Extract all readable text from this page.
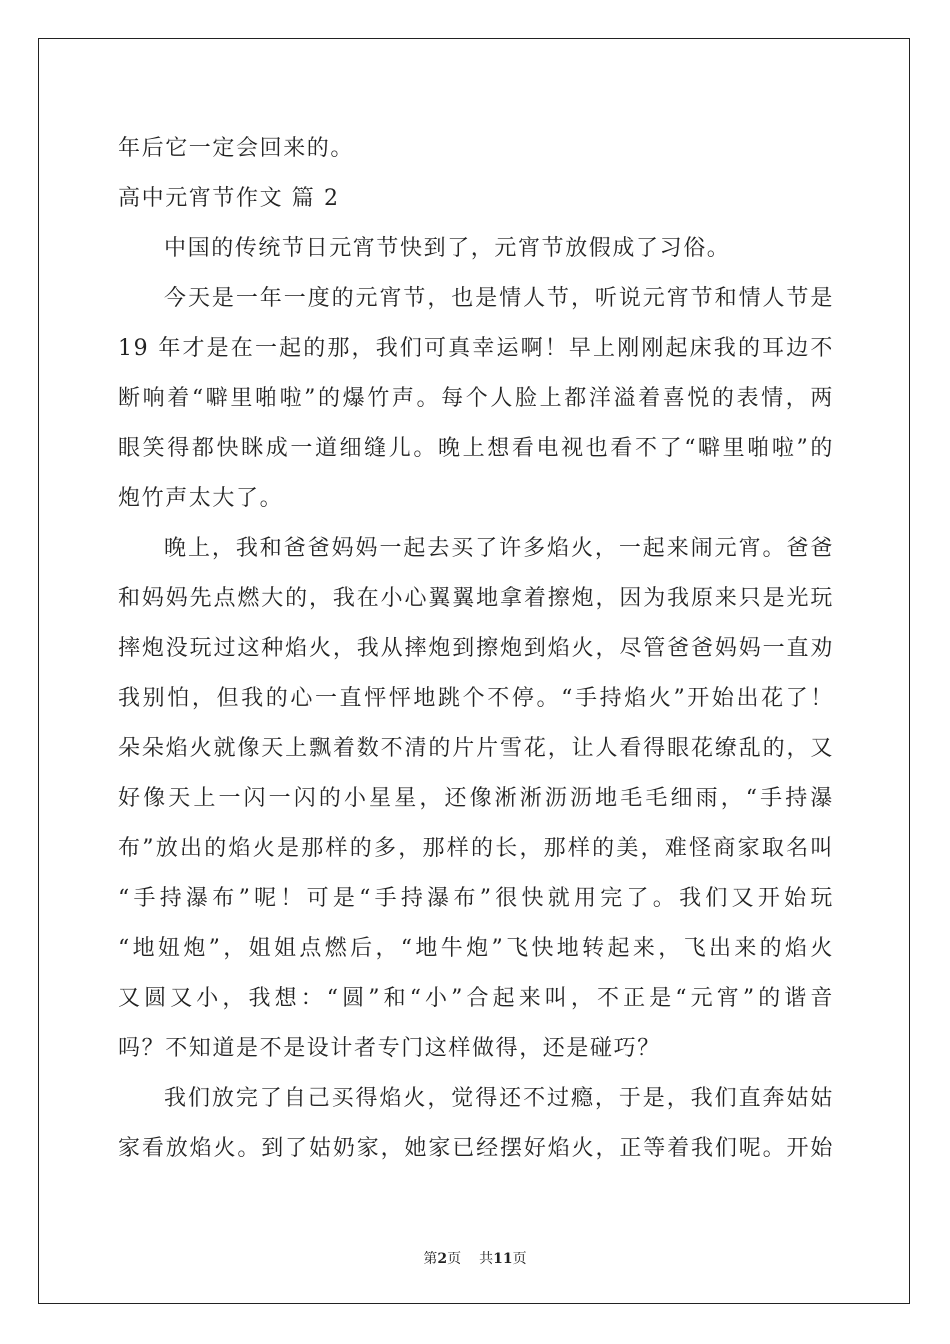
年后它一定会回来的。
高中元宵节作文 篇 2
中国的传统节日元宵节快到了，元宵节放假成了习俗。
今天是一年一度的元宵节，也是情人节，听说元宵节和情人节是
19 年才是在一起的那，我们可真幸运啊！早上刚刚起床我的耳边不
断响着“噼里啪啦”的爆竹声。每个人脸上都洋溢着喜悦的表情，两
眼笑得都快眯成一道细缝儿。晚上想看电视也看不了“噼里啪啦”的
炮竹声太大了。
晚上，我和爸爸妈妈一起去买了许多焰火，一起来闹元宵。爸爸
和妈妈先点燃大的，我在小心翼翼地拿着擦炮，因为我原来只是光玩
摔炮没玩过这种焰火，我从摔炮到擦炮到焰火，尽管爸爸妈妈一直劝
我别怕，但我的心一直怦怦地跳个不停。“手持焰火”开始出花了！
朵朵焰火就像天上飘着数不清的片片雪花，让人看得眼花缭乱的，又
好像天上一闪一闪的小星星，还像淅淅沥沥地毛毛细雨，“手持瀑
布”放出的焰火是那样的多，那样的长，那样的美，难怪商家取名叫
“手持瀑布”呢！可是“手持瀑布”很快就用完了。我们又开始玩
“地妞炮”，姐姐点燃后，“地牛炮”飞快地转起来，飞出来的焰火
又圆又小，我想：“圆”和“小”合起来叫，不正是“元宵”的谐音
吗？不知道是不是设计者专门这样做得，还是碰巧？
我们放完了自己买得焰火，觉得还不过瘾，于是，我们直奔姑姑
家看放焰火。到了姑奶家，她家已经摆好焰火，正等着我们呢。开始
第2页 共11页
